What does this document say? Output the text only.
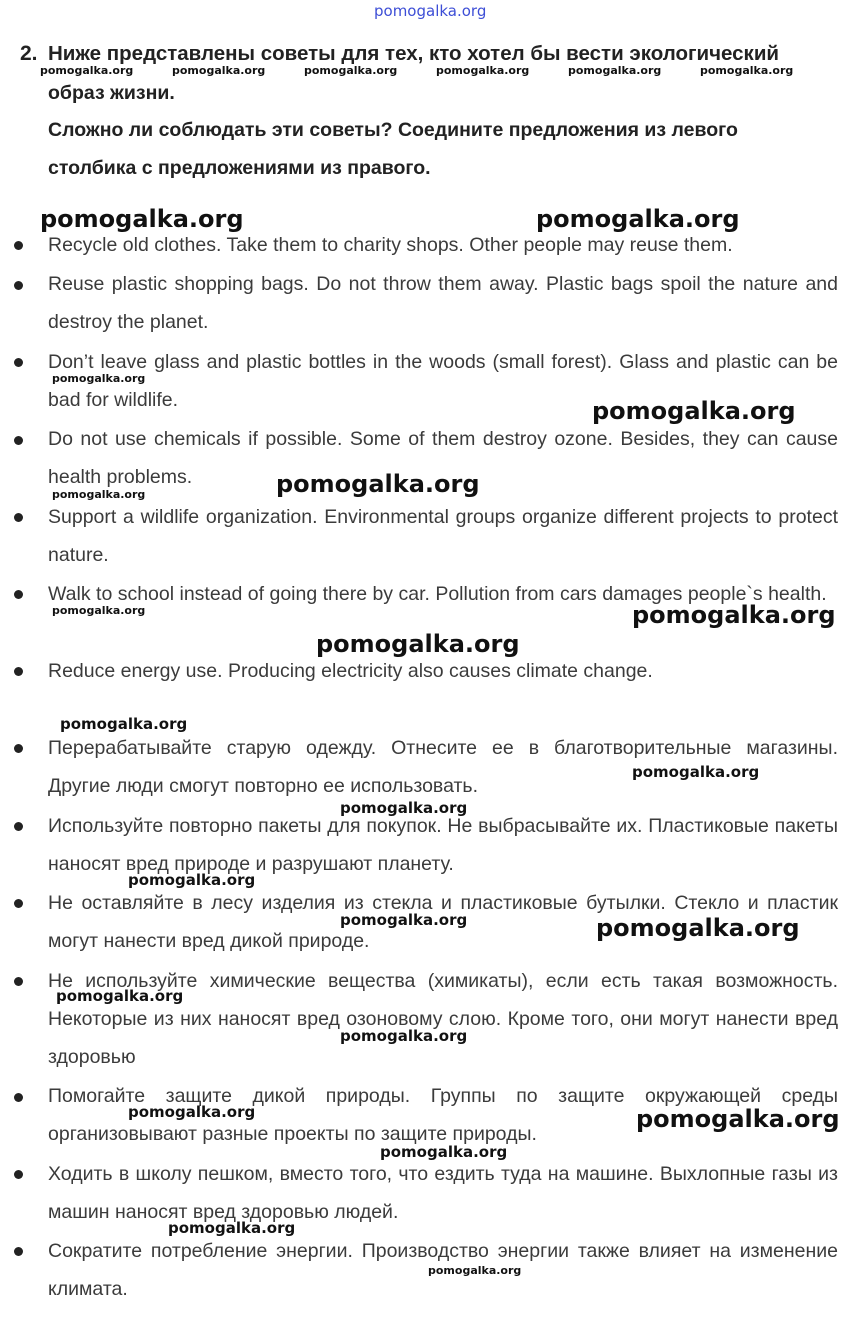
pomogalka.org
2. Ниже представлены советы для тех, кто хотел бы вести экологический
образ жизни.
Сложно ли соблюдать эти советы? Соедините предложения из левого
столбика с предложениями из правого.
Recycle old clothes. Take them to charity shops. Other people may reuse them.
Reuse plastic shopping bags. Do not throw them away. Plastic bags spoil the nature and destroy the planet.
Don’t leave glass and plastic bottles in the woods (small forest). Glass and plastic can be bad for wildlife.
Do not use chemicals if possible. Some of them destroy ozone. Besides, they can cause health problems.
Support a wildlife organization. Environmental groups organize different projects to protect nature.
Walk to school instead of going there by car. Pollution from cars damages people`s health.
Reduce energy use. Producing electricity also causes climate change.
Перерабатывайте старую одежду. Отнесите ее в благотворительные магазины. Другие люди смогут повторно ее использовать.
Используйте повторно пакеты для покупок. Не выбрасывайте их. Пластиковые пакеты наносят вред природе и разрушают планету.
Не оставляйте в лесу изделия из стекла и пластиковые бутылки. Стекло и пластик могут нанести вред дикой природе.
Не используйте химические вещества (химикаты), если есть такая возможность. Некоторые из них наносят вред озоновому слою. Кроме того, они могут нанести вред здоровью
Помогайте защите дикой природы. Группы по защите окружающей среды организовывают разные проекты по защите природы.
Ходить в школу пешком, вместо того, что ездить туда на машине. Выхлопные газы из машин наносят вред здоровью людей.
Сократите потребление энергии. Производство энергии также влияет на изменение климата.
pomogalka.org	pomogalka.org	pomogalka.org	pomogalka.org	pomogalka.org	pomogalka.org
pomogalka.org	pomogalka.org
pomogalka.org
pomogalka.org
pomogalka.org
pomogalka.org
pomogalka.org	pomogalka.org
pomogalka.org
pomogalka.org
pomogalka.org
pomogalka.org
pomogalka.org
pomogalka.org	pomogalka.org
pomogalka.org
pomogalka.org
pomogalka.org	pomogalka.org
pomogalka.org
pomogalka.org
pomogalka.org
